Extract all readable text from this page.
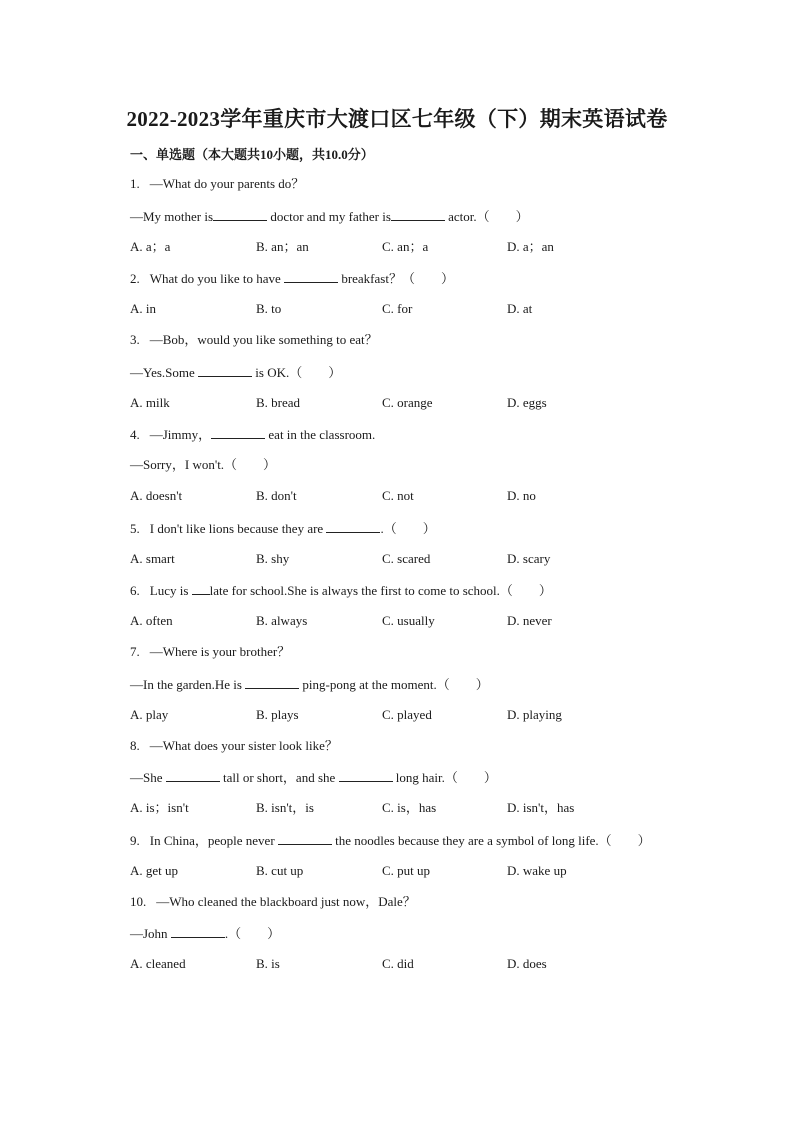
2022-2023学年重庆市大渡口区七年级（下）期末英语试卷
一、单选题（本大题共10小题，共10.0分）
1. —What do your parents do？
—My mother is	doctor and my father is	actor.（　　）
A. a；a	B. an；an	C. an；a	D. a；an
2. What do you like to have	breakfast？（　　）
A. in	B. to	C. for	D. at
3. —Bob，would you like something to eat？
—Yes.Some	is OK.（　　）
A. milk	B. bread	C. orange	D. eggs
4. —Jimmy，	eat in the classroom.
—Sorry，I won't.（　　）
A. doesn't	B. don't	C. not	D. no
5. I don't like lions because they are	.（　　）
A. smart	B. shy	C. scared	D. scary
6. Lucy is late for school.She is always the first to come to school.（　　）
A. often	B. always	C. usually	D. never
7. —Where is your brother？
—In the garden.He is	ping-pong at the moment.（　　）
A. play	B. plays	C. played	D. playing
8. —What does your sister look like？
—She	tall or short，and she	long hair.（　　）
A. is；isn't	B. isn't，is	C. is，has	D. isn't，has
9. In China，people never	the noodles because they are a symbol of long life.（　　）
A. get up	B. cut up	C. put up	D. wake up
10. —Who cleaned the blackboard just now，Dale？
—John	.（　　）
A. cleaned	B. is	C. did	D. does
